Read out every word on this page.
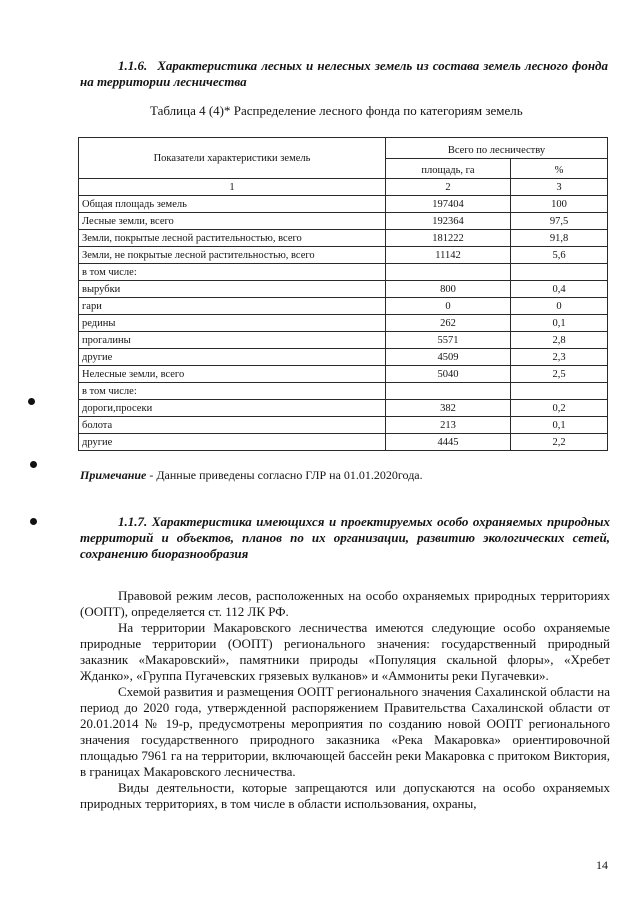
1.1.6. Характеристика лесных и нелесных земель из состава земель лесного фонда на территории лесничества
Таблица 4 (4)* Распределение лесного фонда по категориям земель
Показатели характеристики земель	Всего по лесничеству	
	площадь, га	%
1	2	3
Общая площадь земель	197404	100
Лесные земли, всего	192364	97,5
Земли, покрытые лесной растительностью, всего	181222	91,8
Земли, не покрытые лесной растительностью, всего	11142	5,6
в том числе:		
вырубки	800	0,4
гари	0	0
редины	262	0,1
прогалины	5571	2,8
другие	4509	2,3
Нелесные земли, всего	5040	2,5
в том числе:		
дороги,просеки	382	0,2
болота	213	0,1
другие	4445	2,2
Примечание - Данные приведены согласно ГЛР на 01.01.2020года.
1.1.7. Характеристика имеющихся и проектируемых особо охраняемых природных территорий и объектов, планов по их организации, развитию экологических сетей, сохранению биоразнообразия

Правовой режим лесов, расположенных на особо охраняемых природных территориях (ООПТ), определяется ст. 112 ЛК РФ.

На территории Макаровского лесничества имеются следующие особо охраняемые природные территории (ООПТ) регионального значения: государственный природный заказник «Макаровский», памятники природы «Популяция скальной флоры», «Хребет Жданко», «Группа Пугачевских грязевых вулканов» и «Аммониты реки Пугачевки».

Схемой развития и размещения ООПТ регионального значения Сахалинской области на период до 2020 года, утвержденной распоряжением Правительства Сахалинской области от 20.01.2014 № 19-р, предусмотрены мероприятия по созданию новой ООПТ регионального значения государственного природного заказника «Река Макаровка» ориентировочной площадью 7961 га на территории, включающей бассейн реки Макаровка с притоком Виктория, в границах Макаровского лесничества.

Виды деятельности, которые запрещаются или допускаются на особо охраняемых природных территориях, в том числе в области использования, охраны,

14
